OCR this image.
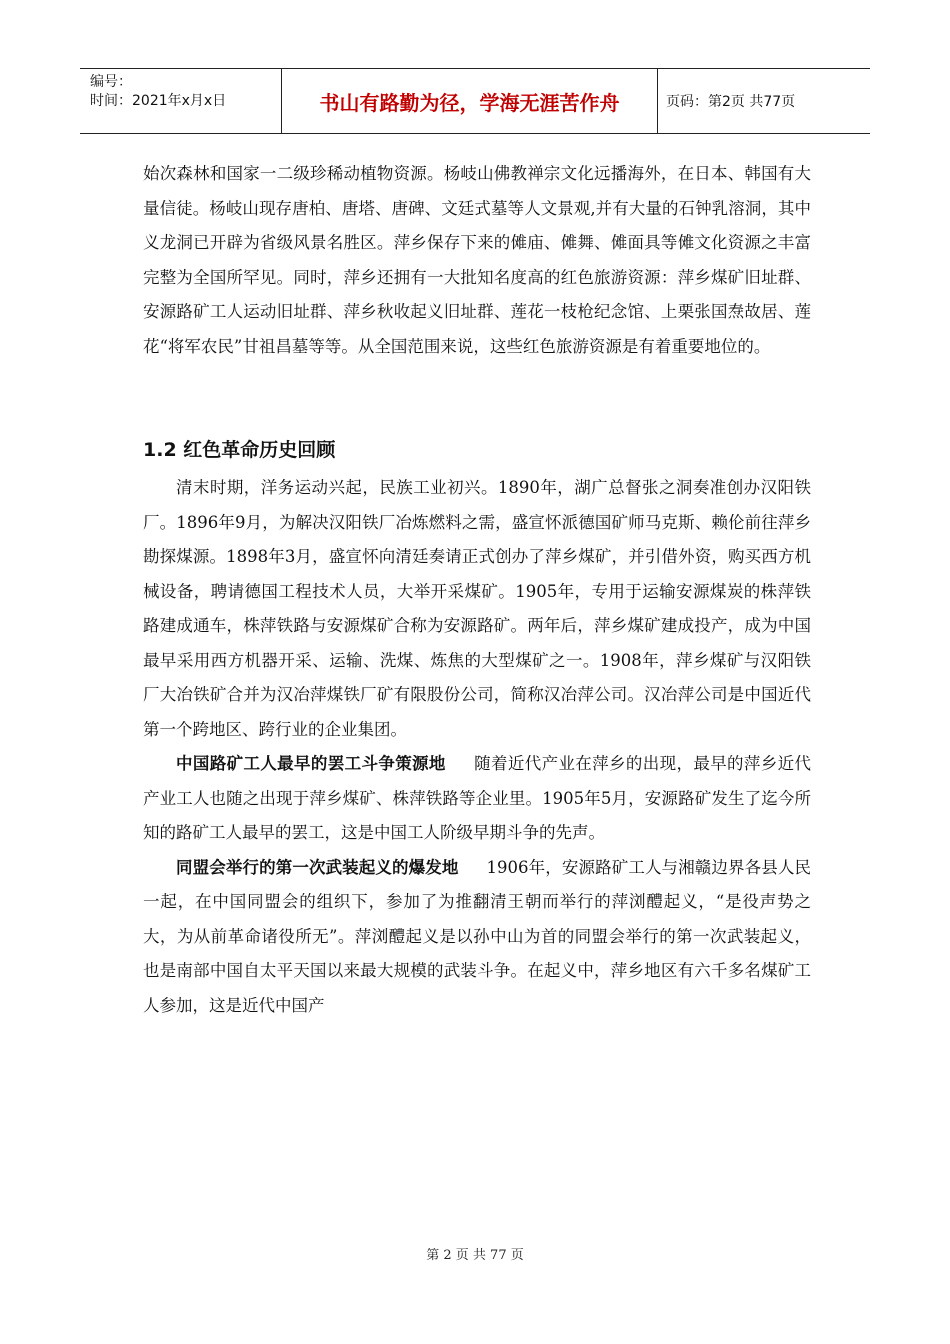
编号：
时间：2021年x月x日	书山有路勤为径，学海无涯苦作舟	页码：第2页 共77页

始次森林和国家一二级珍稀动植物资源。杨岐山佛教禅宗文化远播海外，在日本、韩国有大量信徒。杨岐山现存唐柏、唐塔、唐碑、文廷式墓等人文景观,并有大量的石钟乳溶洞，其中义龙洞已开辟为省级风景名胜区。萍乡保存下来的傩庙、傩舞、傩面具等傩文化资源之丰富完整为全国所罕见。同时，萍乡还拥有一大批知名度高的红色旅游资源：萍乡煤矿旧址群、安源路矿工人运动旧址群、萍乡秋收起义旧址群、莲花一枝枪纪念馆、上栗张国焘故居、莲花“将军农民”甘祖昌墓等等。从全国范围来说，这些红色旅游资源是有着重要地位的。

1.2 红色革命历史回顾

清末时期，洋务运动兴起，民族工业初兴。1890年，湖广总督张之洞奏准创办汉阳铁厂。1896年9月，为解决汉阳铁厂冶炼燃料之需，盛宣怀派德国矿师马克斯、赖伦前往萍乡勘探煤源。1898年3月，盛宣怀向清廷奏请正式创办了萍乡煤矿，并引借外资，购买西方机械设备，聘请德国工程技术人员，大举开采煤矿。1905年，专用于运输安源煤炭的株萍铁路建成通车，株萍铁路与安源煤矿合称为安源路矿。两年后，萍乡煤矿建成投产，成为中国最早采用西方机器开采、运输、洗煤、炼焦的大型煤矿之一。1908年，萍乡煤矿与汉阳铁厂大冶铁矿合并为汉冶萍煤铁厂矿有限股份公司，简称汉冶萍公司。汉冶萍公司是中国近代第一个跨地区、跨行业的企业集团。

中国路矿工人最早的罢工斗争策源地 随着近代产业在萍乡的出现，最早的萍乡近代产业工人也随之出现于萍乡煤矿、株萍铁路等企业里。1905年5月，安源路矿发生了迄今所知的路矿工人最早的罢工，这是中国工人阶级早期斗争的先声。

同盟会举行的第一次武装起义的爆发地 1906年，安源路矿工人与湘赣边界各县人民一起，在中国同盟会的组织下，参加了为推翻清王朝而举行的萍浏醴起义，“是役声势之大，为从前革命诸役所无”。萍浏醴起义是以孙中山为首的同盟会举行的第一次武装起义，也是南部中国自太平天国以来最大规模的武装斗争。在起义中，萍乡地区有六千多名煤矿工人参加，这是近代中国产

第 2 页 共 77 页
